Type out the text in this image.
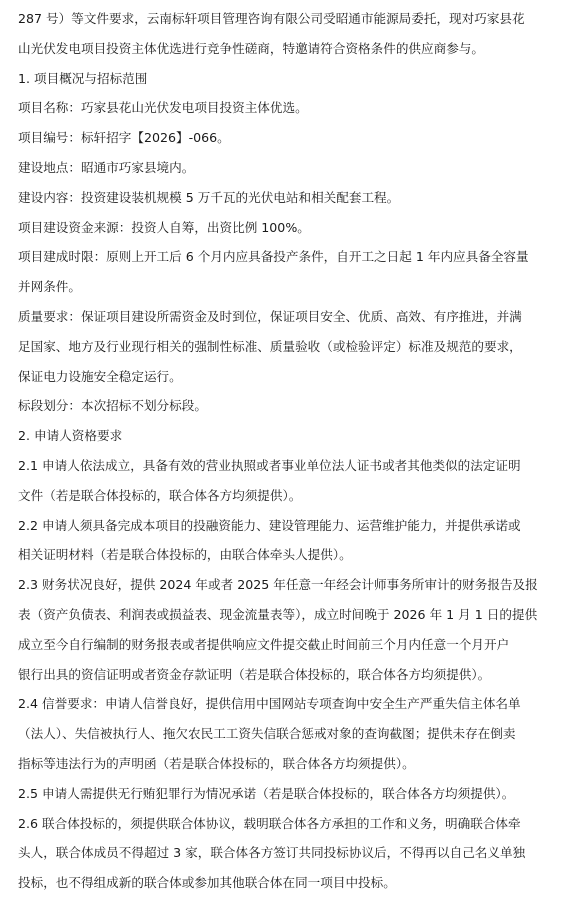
287 号）等文件要求，云南标轩项目管理咨询有限公司受昭通市能源局委托，现对巧家县花

山光伏发电项目投资主体优选进行竞争性磋商，特邀请符合资格条件的供应商参与。

1. 项目概况与招标范围

项目名称：巧家县花山光伏发电项目投资主体优选。

项目编号：标轩招字【2026】-066。

建设地点：昭通市巧家县境内。

建设内容：投资建设装机规模 5 万千瓦的光伏电站和相关配套工程。

项目建设资金来源：投资人自筹，出资比例 100%。

项目建成时限：原则上开工后 6 个月内应具备投产条件，自开工之日起 1 年内应具备全容量

并网条件。

质量要求：保证项目建设所需资金及时到位，保证项目安全、优质、高效、有序推进，并满

足国家、地方及行业现行相关的强制性标准、质量验收（或检验评定）标准及规范的要求，

保证电力设施安全稳定运行。

标段划分：本次招标不划分标段。

2. 申请人资格要求

2.1 申请人依法成立，具备有效的营业执照或者事业单位法人证书或者其他类似的法定证明

文件（若是联合体投标的，联合体各方均须提供）。

2.2 申请人须具备完成本项目的投融资能力、建设管理能力、运营维护能力，并提供承诺或

相关证明材料（若是联合体投标的，由联合体牵头人提供）。

2.3 财务状况良好，提供 2024 年或者 2025 年任意一年经会计师事务所审计的财务报告及报

表（资产负债表、利润表或损益表、现金流量表等），成立时间晚于 2026 年 1 月 1 日的提供

成立至今自行编制的财务报表或者提供响应文件提交截止时间前三个月内任意一个月开户

银行出具的资信证明或者资金存款证明（若是联合体投标的，联合体各方均须提供）。

2.4 信誉要求：申请人信誉良好，提供信用中国网站专项查询中安全生产严重失信主体名单

（法人）、失信被执行人、拖欠农民工工资失信联合惩戒对象的查询截图；提供未存在倒卖

指标等违法行为的声明函（若是联合体投标的，联合体各方均须提供）。

2.5 申请人需提供无行贿犯罪行为情况承诺（若是联合体投标的，联合体各方均须提供）。

2.6 联合体投标的，须提供联合体协议，载明联合体各方承担的工作和义务，明确联合体牵

头人，联合体成员不得超过 3 家，联合体各方签订共同投标协议后，不得再以自己名义单独

投标，也不得组成新的联合体或参加其他联合体在同一项目中投标。
